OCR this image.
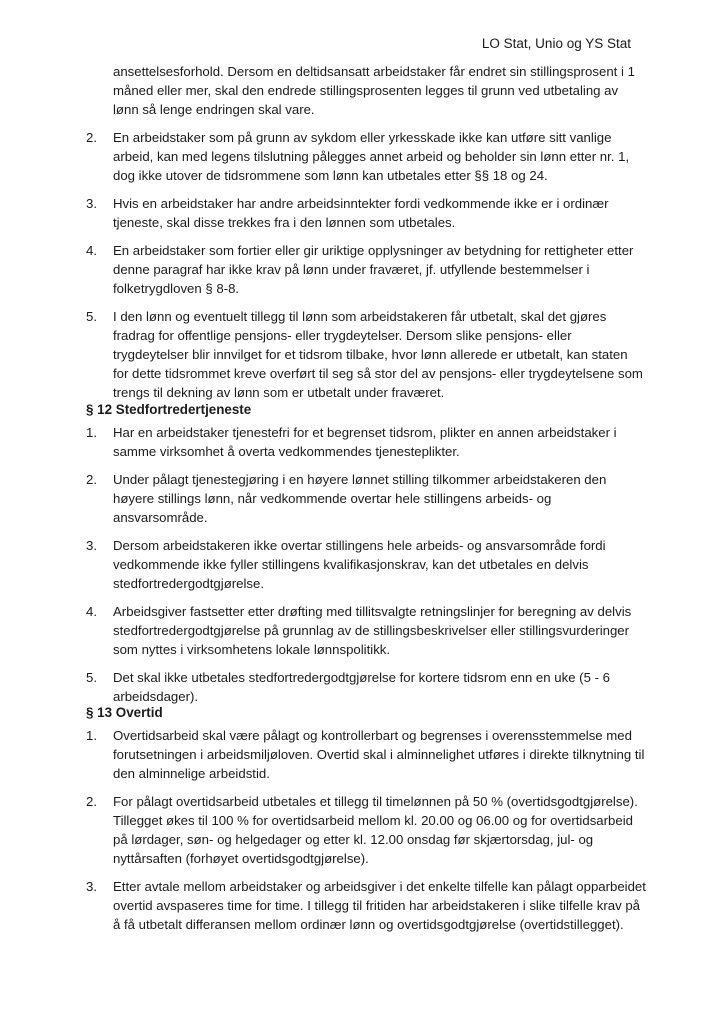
LO Stat, Unio og YS Stat
ansettelsesforhold. Dersom en deltidsansatt arbeidstaker får endret sin stillingsprosent i 1 måned eller mer, skal den endrede stillingsprosenten legges til grunn ved utbetaling av lønn så lenge endringen skal vare.
2. En arbeidstaker som på grunn av sykdom eller yrkesskade ikke kan utføre sitt vanlige arbeid, kan med legens tilslutning pålegges annet arbeid og beholder sin lønn etter nr. 1, dog ikke utover de tidsrommene som lønn kan utbetales etter §§ 18 og 24.
3. Hvis en arbeidstaker har andre arbeidsinntekter fordi vedkommende ikke er i ordinær tjeneste, skal disse trekkes fra i den lønnen som utbetales.
4. En arbeidstaker som fortier eller gir uriktige opplysninger av betydning for rettigheter etter denne paragraf har ikke krav på lønn under fraværet, jf. utfyllende bestemmelser i folketrygdloven § 8-8.
5. I den lønn og eventuelt tillegg til lønn som arbeidstakeren får utbetalt, skal det gjøres fradrag for offentlige pensjons- eller trygdeytelser. Dersom slike pensjons- eller trygdeytelser blir innvilget for et tidsrom tilbake, hvor lønn allerede er utbetalt, kan staten for dette tidsrommet kreve overført til seg så stor del av pensjons- eller trygdeytelsene som trengs til dekning av lønn som er utbetalt under fraværet.
§ 12 Stedfortredertjeneste
1. Har en arbeidstaker tjenestefri for et begrenset tidsrom, plikter en annen arbeidstaker i samme virksomhet å overta vedkommendes tjenesteplikter.
2. Under pålagt tjenestegjøring i en høyere lønnet stilling tilkommer arbeidstakeren den høyere stillings lønn, når vedkommende overtar hele stillingens arbeids- og ansvarsområde.
3. Dersom arbeidstakeren ikke overtar stillingens hele arbeids- og ansvarsområde fordi vedkommende ikke fyller stillingens kvalifikasjonskrav, kan det utbetales en delvis stedfortredergodtgjørelse.
4. Arbeidsgiver fastsetter etter drøfting med tillitsvalgte retningslinjer for beregning av delvis stedfortredergodtgjørelse på grunnlag av de stillingsbeskrivelser eller stillingsvurderinger som nyttes i virksomhetens lokale lønnspolitikk.
5. Det skal ikke utbetales stedfortredergodtgjørelse for kortere tidsrom enn en uke (5 - 6 arbeidsdager).
§ 13 Overtid
1. Overtidsarbeid skal være pålagt og kontrollerbart og begrenses i overensstemmelse med forutsetningen i arbeidsmiljøloven. Overtid skal i alminnelighet utføres i direkte tilknytning til den alminnelige arbeidstid.
2. For pålagt overtidsarbeid utbetales et tillegg til timelønnen på 50 % (overtidsgodtgjørelse). Tillegget økes til 100 % for overtidsarbeid mellom kl. 20.00 og 06.00 og for overtidsarbeid på lørdager, søn- og helgedager og etter kl. 12.00 onsdag før skjærtorsdag, jul- og nyttårsaften (forhøyet overtidsgodtgjørelse).
3. Etter avtale mellom arbeidstaker og arbeidsgiver i det enkelte tilfelle kan pålagt opparbeidet overtid avspaseres time for time. I tillegg til fritiden har arbeidstakeren i slike tilfelle krav på å få utbetalt differansen mellom ordinær lønn og overtidsgodtgjørelse (overtidstillegget).
